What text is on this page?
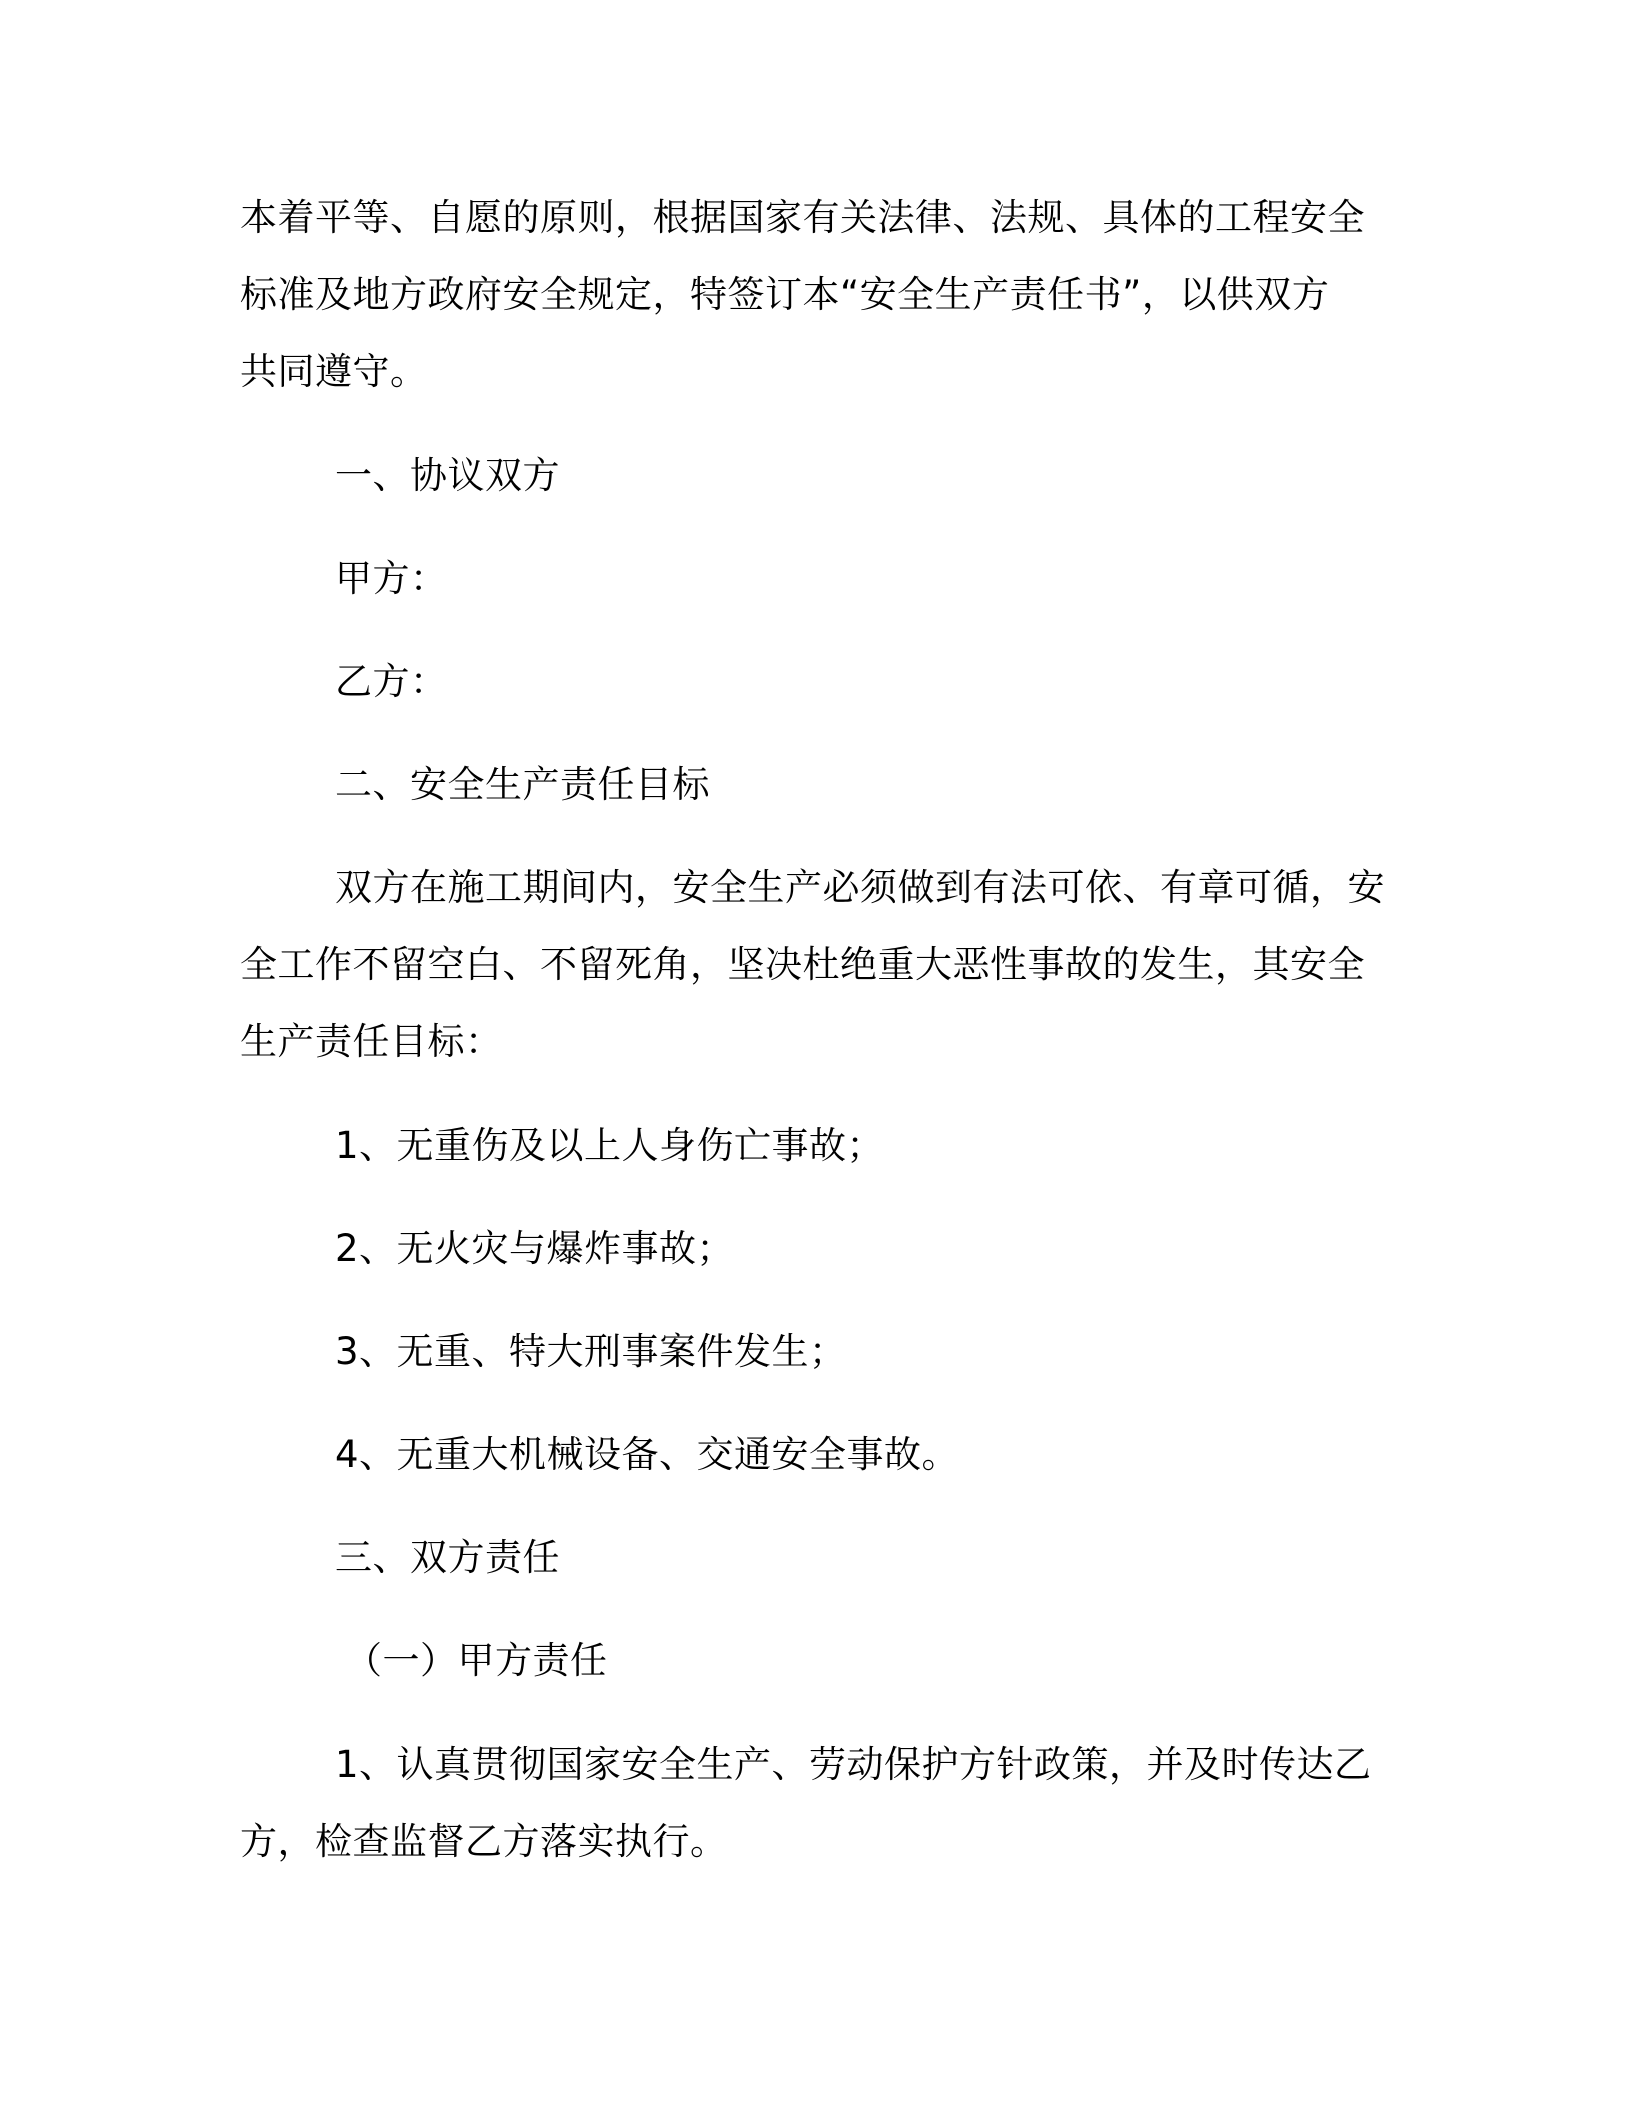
本着平等、自愿的原则，根据国家有关法律、法规、具体的工程安全

标准及地方政府安全规定，特签订本“安全生产责任书”，以供双方

共同遵守。

一、协议双方

甲方：

乙方：

二、安全生产责任目标

双方在施工期间内，安全生产必须做到有法可依、有章可循，安

全工作不留空白、不留死角，坚决杜绝重大恶性事故的发生，其安全

生产责任目标：

1、无重伤及以上人身伤亡事故；

2、无火灾与爆炸事故；

3、无重、特大刑事案件发生；

4、无重大机械设备、交通安全事故。

三、双方责任

（一）甲方责任

1、认真贯彻国家安全生产、劳动保护方针政策，并及时传达乙

方，检查监督乙方落实执行。
